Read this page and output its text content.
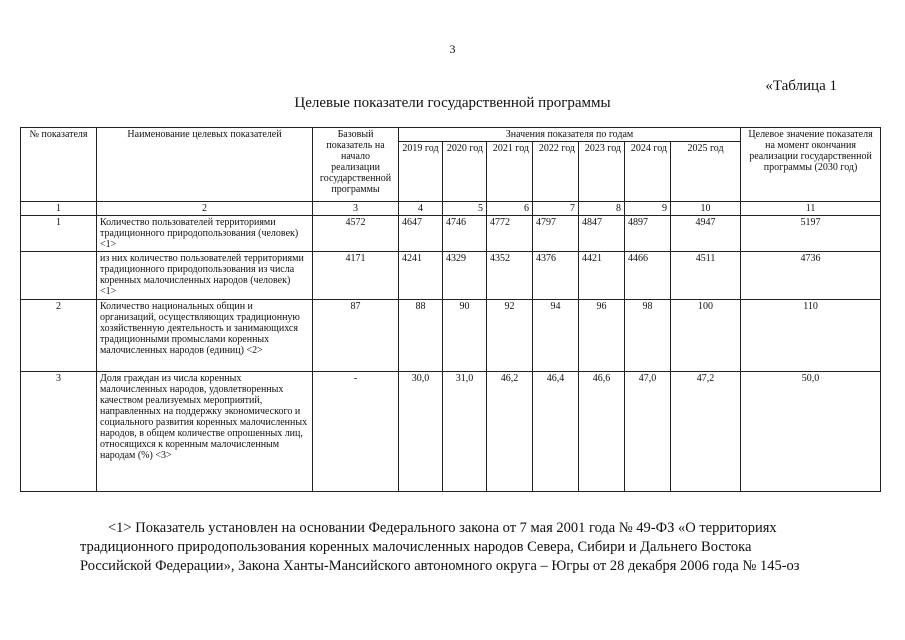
3
«Таблица 1
Целевые показатели государственной программы
№ показателя	Наименование целевых показателей	Базовый показатель на начало реализации государственной программы	Значения показателя по годам							Целевое значение показателя на момент окончания реализации государственной программы (2030 год)
			2019 год	2020 год	2021 год	2022 год	2023 год	2024 год	2025 год	
1	2	3	4	5	6	7	8	9	10	11
1	Количество пользователей территориями традиционного природопользования (человек) <1>	4572	4647	4746	4772	4797	4847	4897	4947	5197
	из них количество пользователей территориями традиционного природопользования из числа коренных малочисленных народов (человек) <1>	4171	4241	4329	4352	4376	4421	4466	4511	4736
2	Количество национальных общин и организаций, осуществляющих традиционную хозяйственную деятельность и занимающихся традиционными промыслами коренных малочисленных народов (единиц) <2>	87	88	90	92	94	96	98	100	110
3	Доля граждан из числа коренных малочисленных народов, удовлетворенных качеством реализуемых мероприятий, направленных на поддержку экономического и социального развития коренных малочисленных народов, в общем количестве опрошенных лиц, относящихся к коренным малочисленным народам (%) <3>	-	30,0	31,0	46,2	46,4	46,6	47,0	47,2	50,0
<1> Показатель установлен на основании Федерального закона от 7 мая 2001 года № 49-ФЗ «О территориях
традиционного природопользования коренных малочисленных народов Севера, Сибири и Дальнего Востока
Российской Федерации», Закона Ханты-Мансийского автономного округа – Югры от 28 декабря 2006 года № 145-оз
